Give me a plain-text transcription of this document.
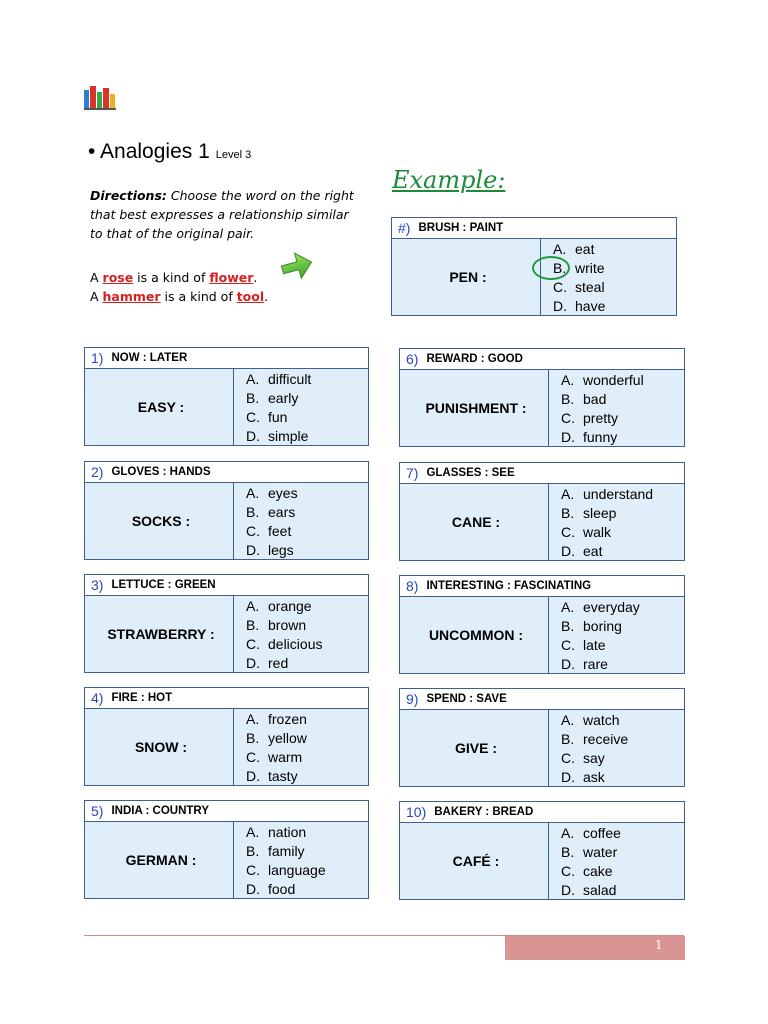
• Analogies 1 Level 3
Directions: Choose the word on the right that best expresses a relationship similar to that of the original pair.
A rose is a kind of flower.
A hammer is a kind of tool.
Example:
#) BRUSH : PAINT
PEN :
A. eat
B. write
C. steal
D. have
1) NOW : LATER
EASY :
A. difficult
B. early
C. fun
D. simple
2) GLOVES : HANDS
SOCKS :
A. eyes
B. ears
C. feet
D. legs
3) LETTUCE : GREEN
STRAWBERRY :
A. orange
B. brown
C. delicious
D. red
4) FIRE : HOT
SNOW :
A. frozen
B. yellow
C. warm
D. tasty
5) INDIA : COUNTRY
GERMAN :
A. nation
B. family
C. language
D. food
6) REWARD : GOOD
PUNISHMENT :
A. wonderful
B. bad
C. pretty
D. funny
7) GLASSES : SEE
CANE :
A. understand
B. sleep
C. walk
D. eat
8) INTERESTING : FASCINATING
UNCOMMON :
A. everyday
B. boring
C. late
D. rare
9) SPEND : SAVE
GIVE :
A. watch
B. receive
C. say
D. ask
10) BAKERY : BREAD
CAFÉ :
A. coffee
B. water
C. cake
D. salad
1
